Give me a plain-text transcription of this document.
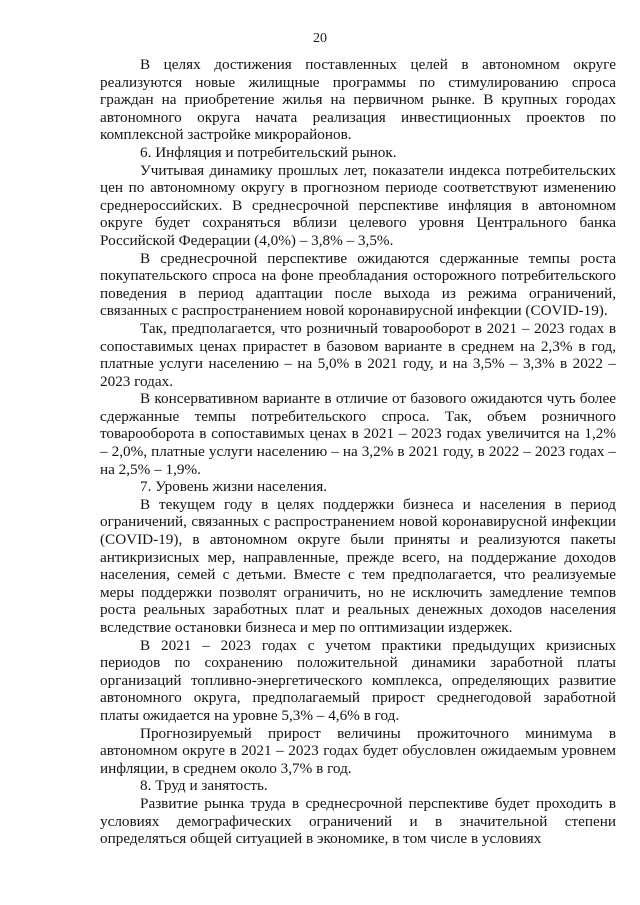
20

В целях достижения поставленных целей в автономном округе реализуются новые жилищные программы по стимулированию спроса граждан на приобретение жилья на первичном рынке. В крупных городах автономного округа начата реализация инвестиционных проектов по комплексной застройке микрорайонов.

6. Инфляция и потребительский рынок.

Учитывая динамику прошлых лет, показатели индекса потребительских цен по автономному округу в прогнозном периоде соответствуют изменению среднероссийских. В среднесрочной перспективе инфляция в автономном округе будет сохраняться вблизи целевого уровня Центрального банка Российской Федерации (4,0%) – 3,8% – 3,5%.

В среднесрочной перспективе ожидаются сдержанные темпы роста покупательского спроса на фоне преобладания осторожного потребительского поведения в период адаптации после выхода из режима ограничений, связанных с распространением новой коронавирусной инфекции (COVID-19).

Так, предполагается, что розничный товарооборот в 2021 – 2023 годах в сопоставимых ценах прирастет в базовом варианте в среднем на 2,3% в год, платные услуги населению – на 5,0% в 2021 году, и на 3,5% – 3,3% в 2022 – 2023 годах.

В консервативном варианте в отличие от базового ожидаются чуть более сдержанные темпы потребительского спроса. Так, объем розничного товарооборота в сопоставимых ценах в 2021 – 2023 годах увеличится на 1,2% – 2,0%, платные услуги населению – на 3,2% в 2021 году, в 2022 – 2023 годах – на 2,5% – 1,9%.

7. Уровень жизни населения.

В текущем году в целях поддержки бизнеса и населения в период ограничений, связанных с распространением новой коронавирусной инфекции (COVID-19), в автономном округе были приняты и реализуются пакеты антикризисных мер, направленные, прежде всего, на поддержание доходов населения, семей с детьми. Вместе с тем предполагается, что реализуемые меры поддержки позволят ограничить, но не исключить замедление темпов роста реальных заработных плат и реальных денежных доходов населения вследствие остановки бизнеса и мер по оптимизации издержек.

В 2021 – 2023 годах с учетом практики предыдущих кризисных периодов по сохранению положительной динамики заработной платы организаций топливно-энергетического комплекса, определяющих развитие автономного округа, предполагаемый прирост среднегодовой заработной платы ожидается на уровне 5,3% – 4,6% в год.

Прогнозируемый прирост величины прожиточного минимума в автономном округе в 2021 – 2023 годах будет обусловлен ожидаемым уровнем инфляции, в среднем около 3,7% в год.

8. Труд и занятость.

Развитие рынка труда в среднесрочной перспективе будет проходить в условиях демографических ограничений и в значительной степени определяться общей ситуацией в экономике, в том числе в условиях
